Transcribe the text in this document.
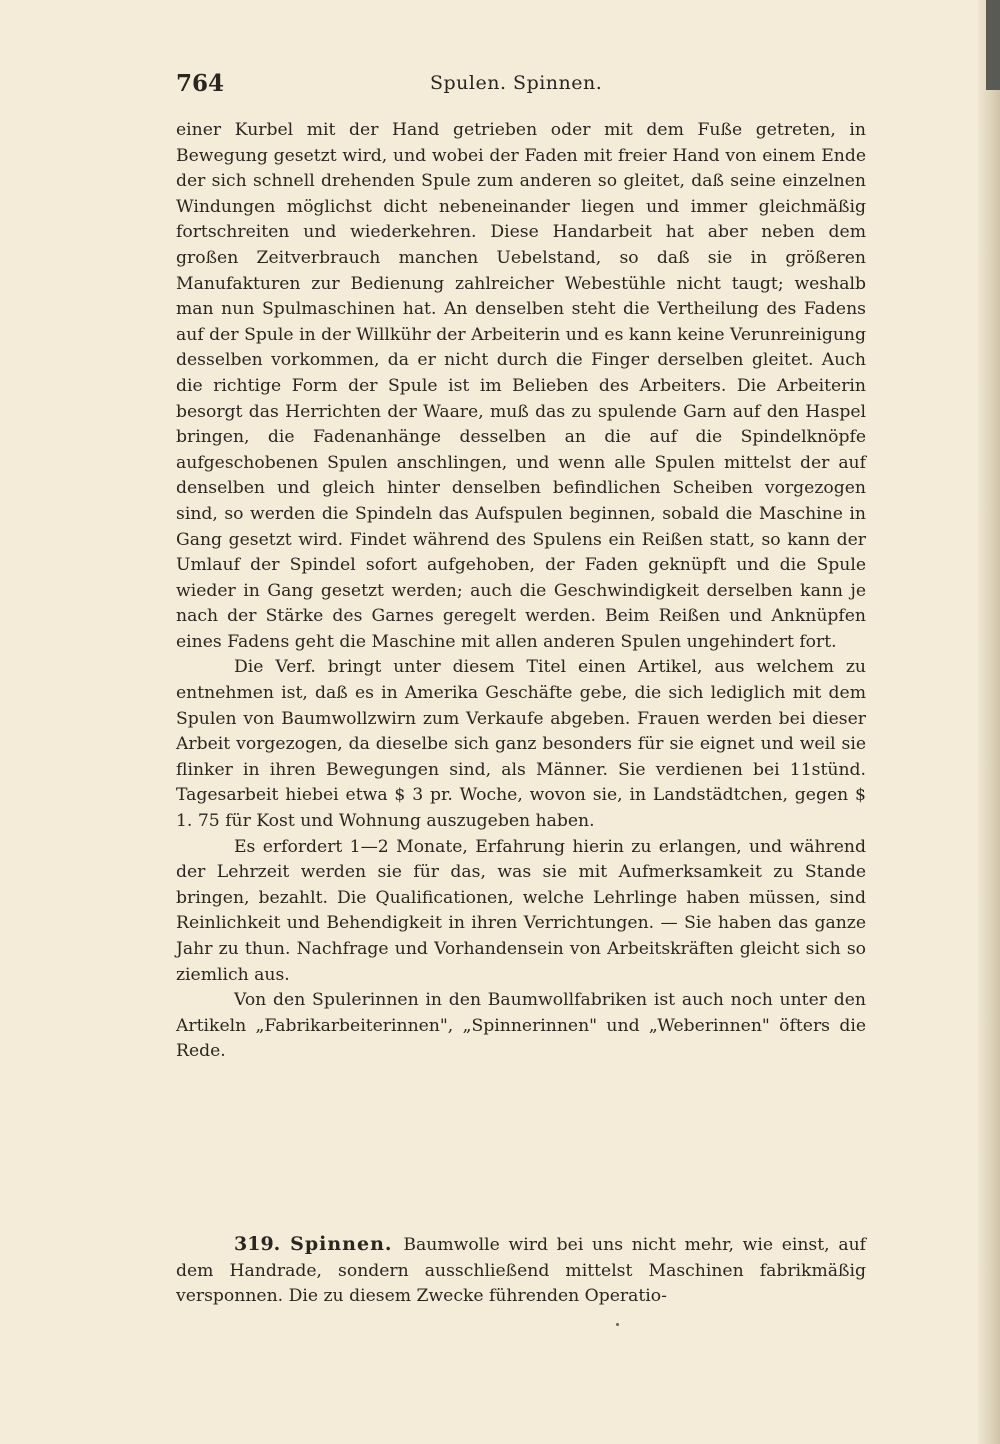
764	Spulen. Spinnen.

einer Kurbel mit der Hand getrieben oder mit dem Fuße getreten, in Bewegung gesetzt wird, und wobei der Faden mit freier Hand von einem Ende der sich schnell drehenden Spule zum anderen so gleitet, daß seine einzelnen Windungen möglichst dicht nebeneinander liegen und immer gleichmäßig fortschreiten und wiederkehren. Diese Handarbeit hat aber neben dem großen Zeitverbrauch manchen Uebelstand, so daß sie in größeren Manufakturen zur Bedienung zahlreicher Webestühle nicht taugt; weshalb man nun Spulmaschinen hat. An denselben steht die Vertheilung des Fadens auf der Spule in der Willkühr der Arbeiterin und es kann keine Verunreinigung desselben vorkommen, da er nicht durch die Finger derselben gleitet. Auch die richtige Form der Spule ist im Belieben des Arbeiters. Die Arbeiterin besorgt das Herrichten der Waare, muß das zu spulende Garn auf den Haspel bringen, die Fadenanhänge desselben an die auf die Spindelknöpfe aufgeschobenen Spulen anschlingen, und wenn alle Spulen mittelst der auf denselben und gleich hinter denselben befindlichen Scheiben vorgezogen sind, so werden die Spindeln das Aufspulen beginnen, sobald die Maschine in Gang gesetzt wird. Findet während des Spulens ein Reißen statt, so kann der Umlauf der Spindel sofort aufgehoben, der Faden geknüpft und die Spule wieder in Gang gesetzt werden; auch die Geschwindigkeit derselben kann je nach der Stärke des Garnes geregelt werden. Beim Reißen und Anknüpfen eines Fadens geht die Maschine mit allen anderen Spulen ungehindert fort.

Die Verf. bringt unter diesem Titel einen Artikel, aus welchem zu entnehmen ist, daß es in Amerika Geschäfte gebe, die sich lediglich mit dem Spulen von Baumwollzwirn zum Verkaufe abgeben. Frauen werden bei dieser Arbeit vorgezogen, da dieselbe sich ganz besonders für sie eignet und weil sie flinker in ihren Bewegungen sind, als Männer. Sie verdienen bei 11stünd. Tagesarbeit hiebei etwa $ 3 pr. Woche, wovon sie, in Landstädtchen, gegen $ 1. 75 für Kost und Wohnung auszugeben haben.

Es erfordert 1—2 Monate, Erfahrung hierin zu erlangen, und während der Lehrzeit werden sie für das, was sie mit Aufmerksamkeit zu Stande bringen, bezahlt. Die Qualificationen, welche Lehrlinge haben müssen, sind Reinlichkeit und Behendigkeit in ihren Verrichtungen. — Sie haben das ganze Jahr zu thun. Nachfrage und Vorhandensein von Arbeitskräften gleicht sich so ziemlich aus.

Von den Spulerinnen in den Baumwollfabriken ist auch noch unter den Artikeln „Fabrikarbeiterinnen", „Spinnerinnen" und „Weberinnen" öfters die Rede.

319. Spinnen. Baumwolle wird bei uns nicht mehr, wie einst, auf dem Handrade, sondern ausschließend mittelst Maschinen fabrikmäßig versponnen. Die zu diesem Zwecke führenden Operatio-
